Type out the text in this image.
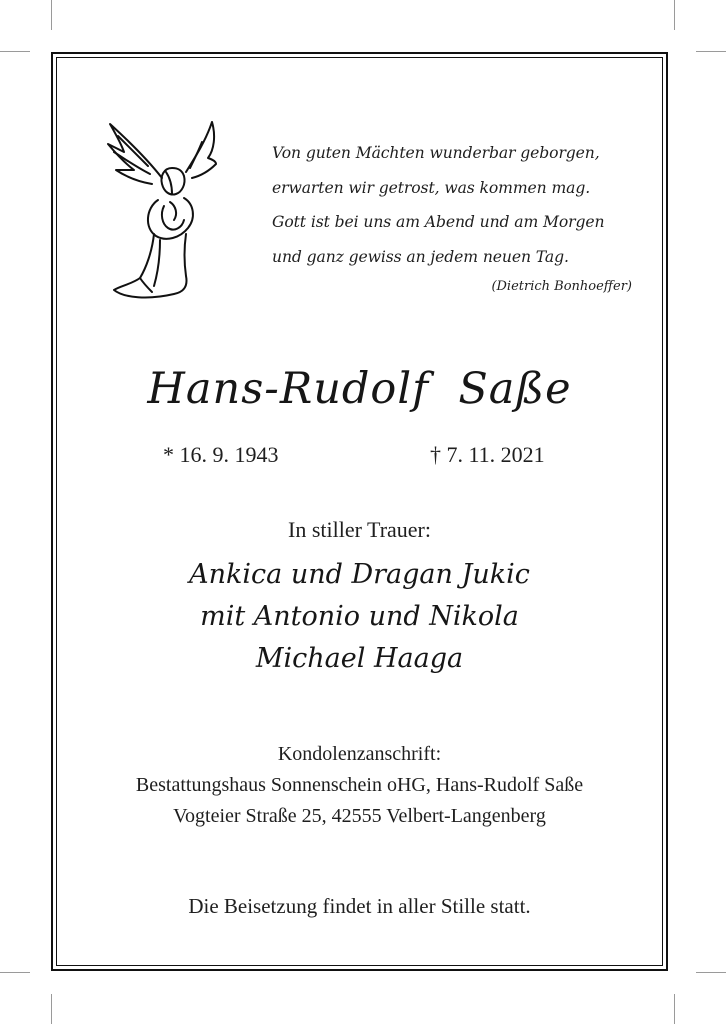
Von guten Mächten wunderbar geborgen,
erwarten wir getrost, was kommen mag.
Gott ist bei uns am Abend und am Morgen
und ganz gewiss an jedem neuen Tag.
(Dietrich Bonhoeffer)
Hans-Rudolf  Saße
* 16. 9. 1943	† 7. 11. 2021
In stiller Trauer:
Ankica und Dragan Jukic
mit Antonio und Nikola
Michael Haaga
Kondolenzanschrift:
Bestattungshaus Sonnenschein oHG, Hans-Rudolf Saße
Vogteier Straße 25, 42555 Velbert-Langenberg
Die Beisetzung findet in aller Stille statt.
